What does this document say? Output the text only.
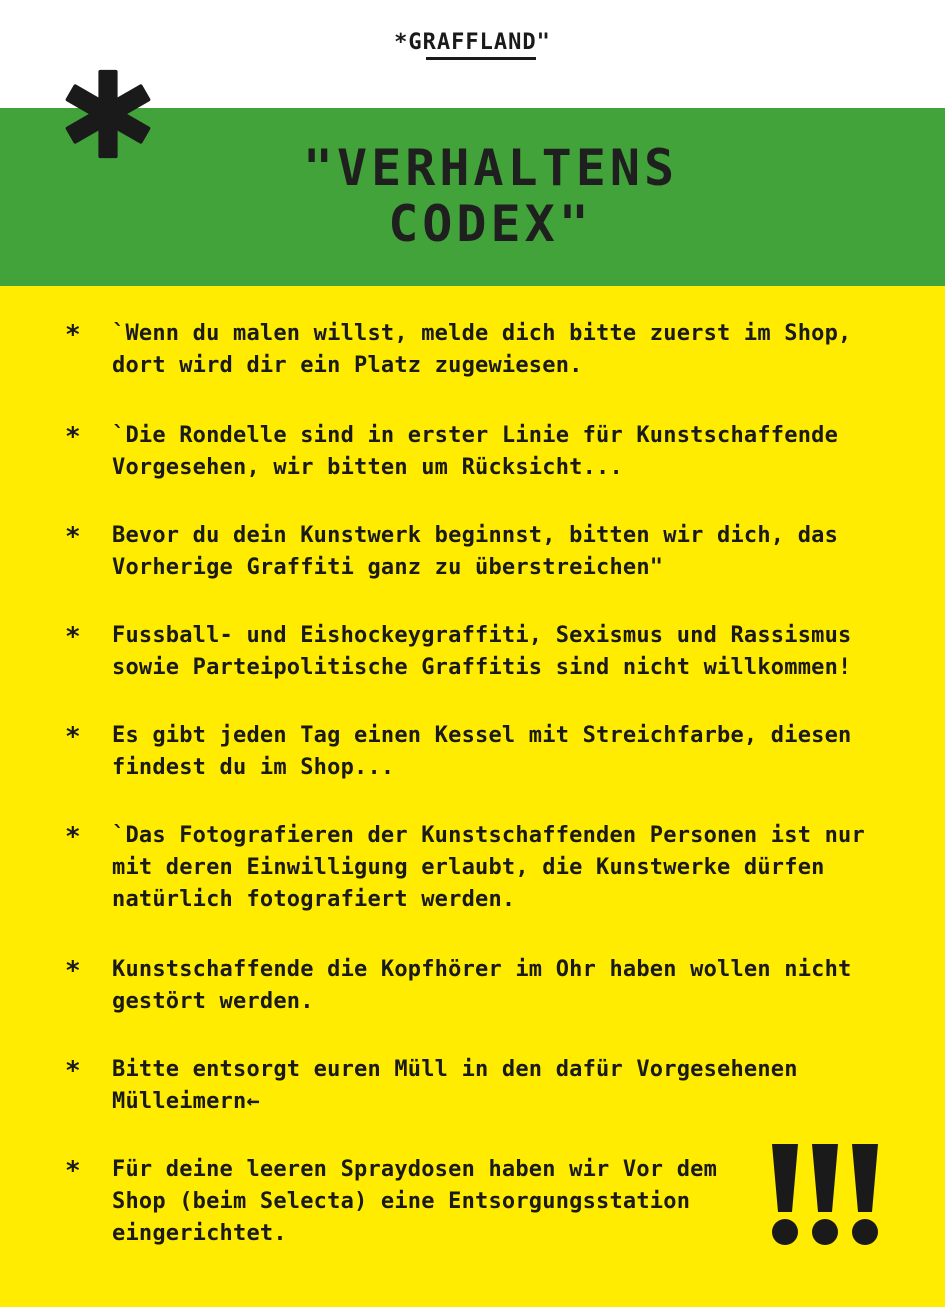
*GRAFFLAND"
"VERHALTENS
CODEX"
* `Wenn du malen willst, melde dich bitte zuerst im Shop, dort wird dir ein Platz zugewiesen.
* `Die Rondelle sind in erster Linie für Kunstschaffende Vorgesehen, wir bitten um Rücksicht...
* Bevor du dein Kunstwerk beginnst, bitten wir dich, das Vorherige Graffiti ganz zu überstreichen"
* Fussball- und Eishockeygraffiti, Sexismus und Rassismus sowie Parteipolitische Graffitis sind nicht willkommen!
* Es gibt jeden Tag einen Kessel mit Streichfarbe, diesen findest du im Shop...
* `Das Fotografieren der Kunstschaffenden Personen ist nur mit deren Einwilligung erlaubt, die Kunstwerke dürfen natürlich fotografiert werden.
* Kunstschaffende die Kopfhörer im Ohr haben wollen nicht gestört werden.
* Bitte entsorgt euren Müll in den dafür Vorgesehenen Mülleimern←
* Für deine leeren Spraydosen haben wir Vor dem Shop (beim Selecta) eine Entsorgungsstation eingerichtet.
